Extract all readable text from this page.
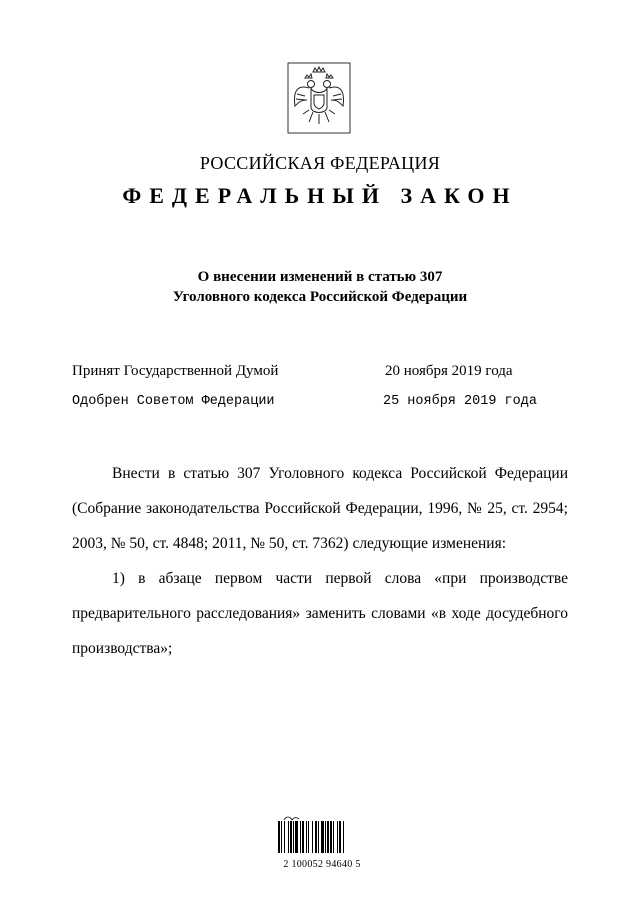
РОССИЙСКАЯ ФЕДЕРАЦИЯ
ФЕДЕРАЛЬНЫЙ ЗАКОН
О внесении изменений в статью 307
Уголовного кодекса Российской Федерации
Принят Государственной Думой	20 ноября 2019 года
Одобрен Советом Федерации	25 ноября 2019 года
Внести в статью 307 Уголовного кодекса Российской Федерации (Собрание законодательства Российской Федерации, 1996, № 25, ст. 2954; 2003, № 50, ст. 4848; 2011, № 50, ст. 7362) следующие изменения:
1) в абзаце первом части первой слова «при производстве предварительного расследования» заменить словами «в ходе досудебного производства»;
2 100052 94640 5
